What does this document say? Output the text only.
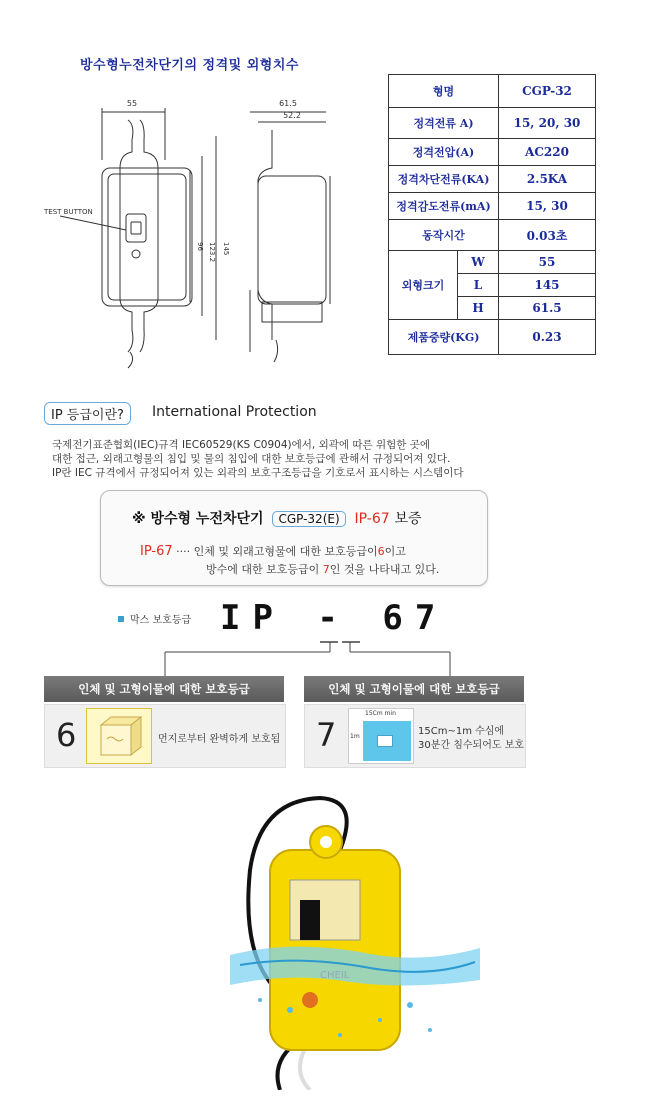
방수형누전차단기의 정격및 외형치수
55	61.5
52.2
TEST BUTTON
96 123.2 145
형명		CGP-32
정격전류 A)		15, 20, 30
정격전압(A)		AC220
정격차단전류(KA)		2.5KA
정격감도전류(mA)		15, 30
동작시간		0.03초
외형크기	W	55
	L	145
	H	61.5
제품중량(KG)		0.23
IP 등급이란?	International Protection
국제전기표준협회(IEC)규격 IEC60529(KS C0904)에서, 외곽에 따른 위험한 곳에
대한 접근, 외래고형물의 침입 및 물의 침입에 대한 보호등급에 관해서 규정되어져 있다.
IP란 IEC 규격에서 규정되어져 있는 외곽의 보호구조등급을 기호로서 표시하는 시스템이다
※ 방수형 누전차단기 CGP-32(E) IP-67 보증
IP-67 ···· 인체 및 외래고형물에 대한 보호등급이6이고
방수에 대한 보호등급이 7인 것을 나타내고 있다.
막스 보호등급 IP - 67
인체 및 고형이물에 대한 보호등급
6	먼지로부터 완벽하게 보호됨
인체 및 고형이물에 대한 보호등급
7
15Cm min
1m	15Cm~1m 수심에
30분간 침수되어도 보호
